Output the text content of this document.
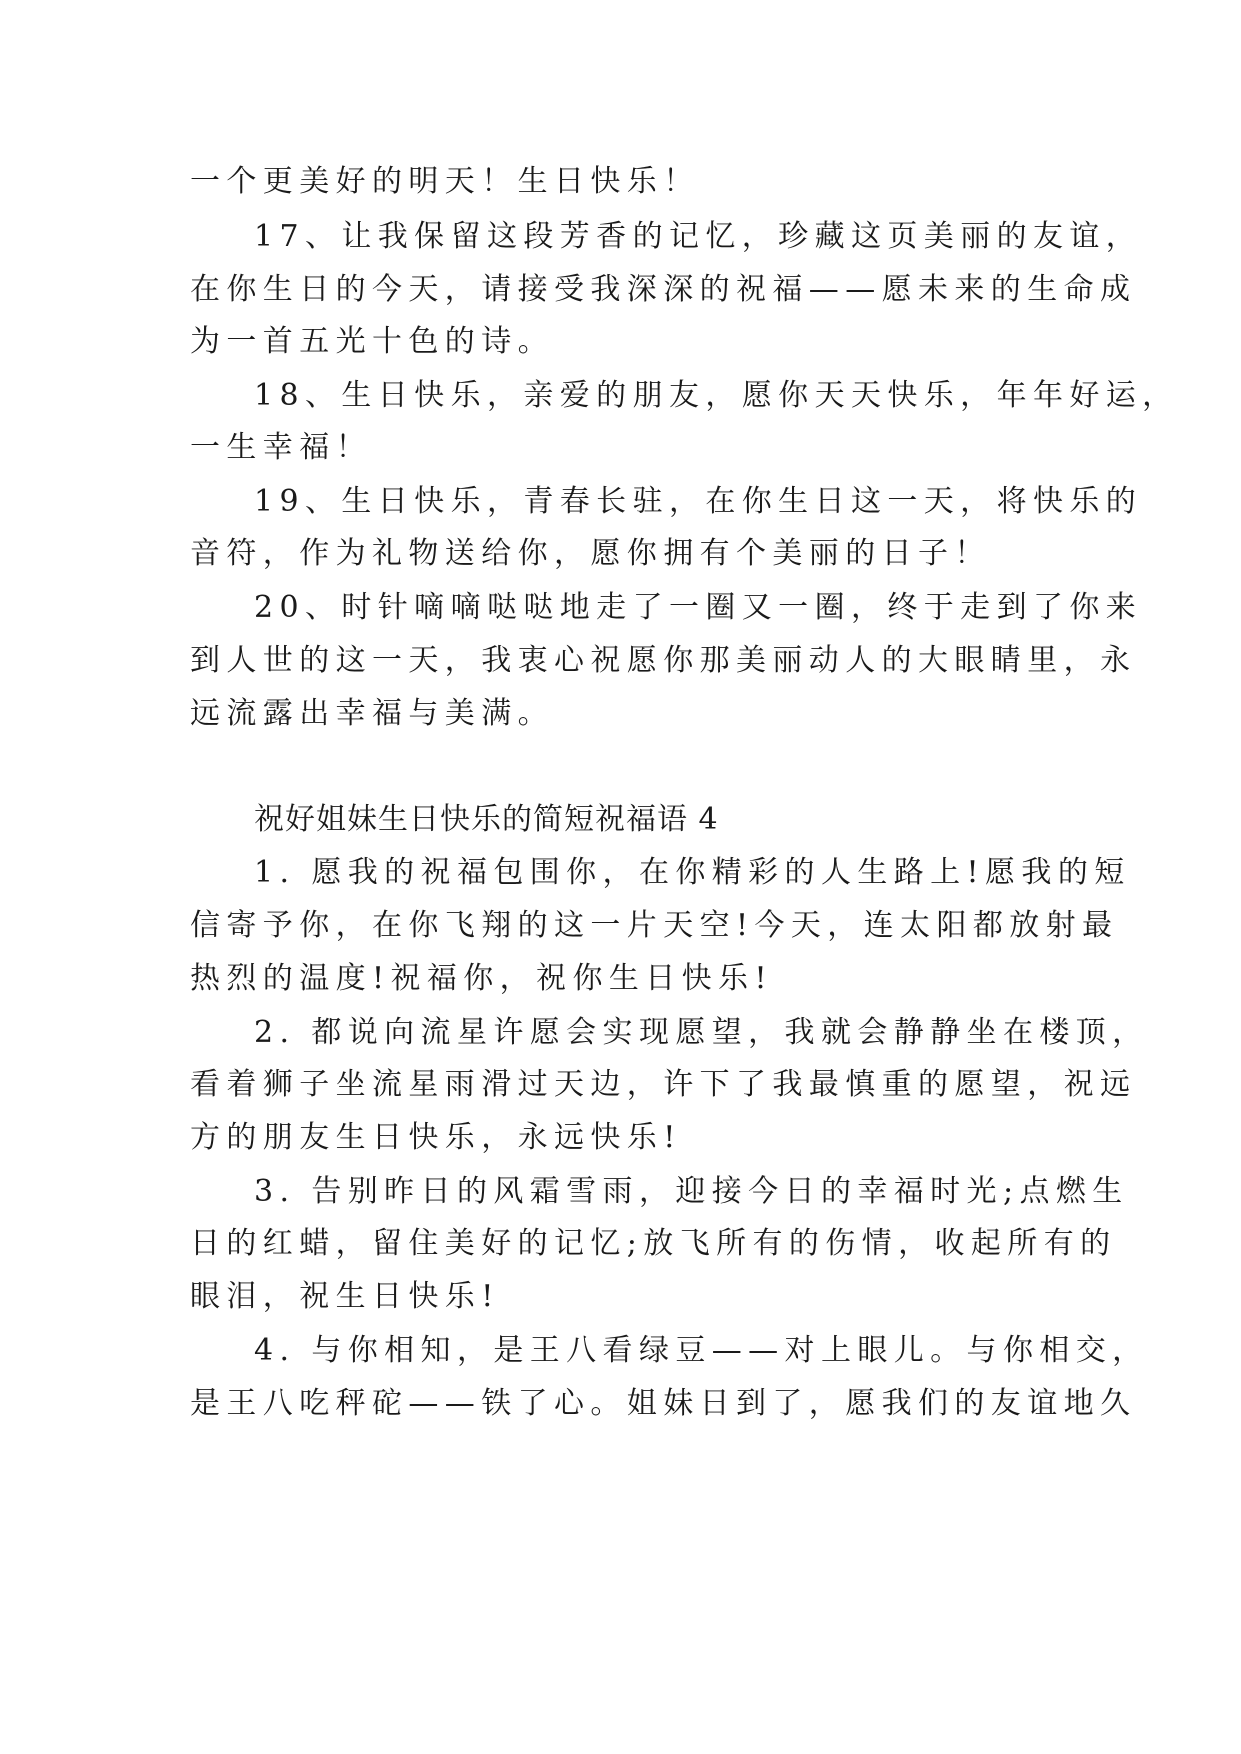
一个更美好的明天！生日快乐！
17、让我保留这段芳香的记忆，珍藏这页美丽的友谊，
在你生日的今天，请接受我深深的祝福——愿未来的生命成
为一首五光十色的诗。
18、生日快乐，亲爱的朋友，愿你天天快乐，年年好运，
一生幸福！
19、生日快乐，青春长驻，在你生日这一天，将快乐的
音符，作为礼物送给你，愿你拥有个美丽的日子！
20、时针嘀嘀哒哒地走了一圈又一圈，终于走到了你来
到人世的这一天，我衷心祝愿你那美丽动人的大眼睛里，永
远流露出幸福与美满。
祝好姐妹生日快乐的简短祝福语 4
1. 愿我的祝福包围你，在你精彩的人生路上!愿我的短
信寄予你，在你飞翔的这一片天空!今天，连太阳都放射最
热烈的温度!祝福你，祝你生日快乐!
2. 都说向流星许愿会实现愿望，我就会静静坐在楼顶，
看着狮子坐流星雨滑过天边，许下了我最慎重的愿望，祝远
方的朋友生日快乐，永远快乐!
3. 告别昨日的风霜雪雨，迎接今日的幸福时光;点燃生
日的红蜡，留住美好的记忆;放飞所有的伤情，收起所有的
眼泪，祝生日快乐!
4. 与你相知，是王八看绿豆——对上眼儿。与你相交，
是王八吃秤砣——铁了心。姐妹日到了，愿我们的友谊地久
